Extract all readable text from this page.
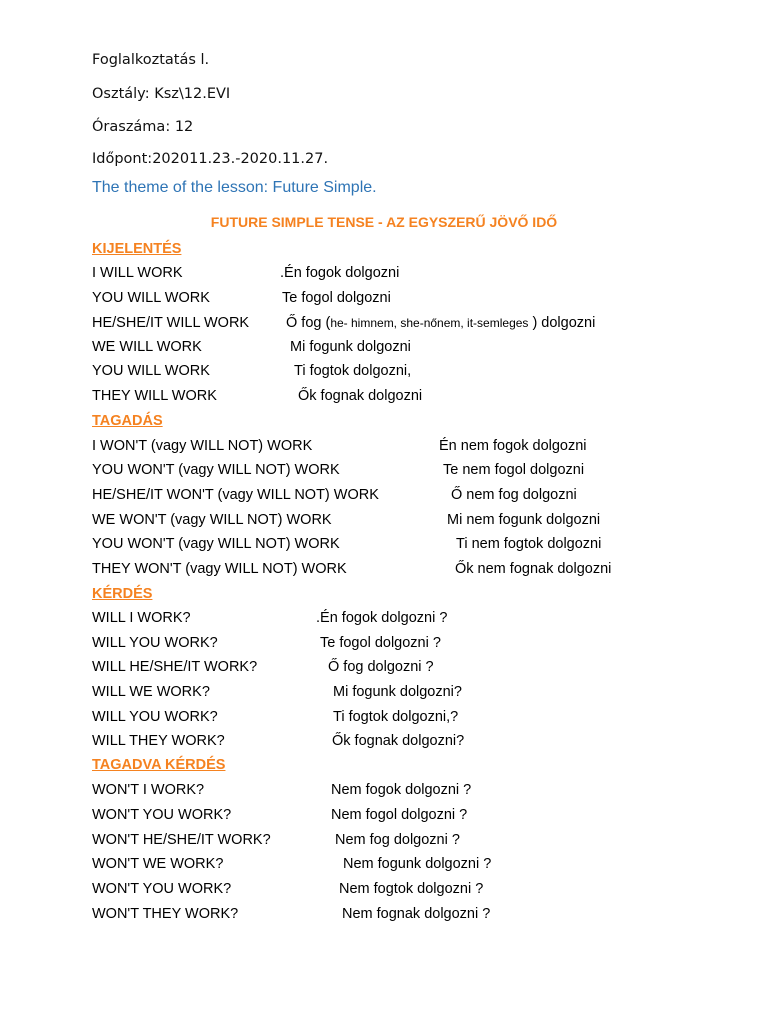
Foglalkoztatás l.
Osztály: Ksz\12.EVI
Óraszáma: 12
Időpont:202011.23.-2020.11.27.
The theme of the lesson: Future Simple.
FUTURE SIMPLE TENSE - AZ EGYSZERŰ JÖVŐ IDŐ
KIJELENTÉS
I WILL WORK	.Én fogok dolgozni
YOU WILL WORK	Te fogol dolgozni
HE/SHE/IT WILL WORK	Ő fog (he- himnem, she-nőnem, it-semleges ) dolgozni
WE WILL WORK	Mi fogunk dolgozni
YOU WILL WORK	Ti fogtok dolgozni,
THEY WILL WORK	Ők fognak dolgozni
TAGADÁS
I WON'T (vagy WILL NOT) WORK	Én nem fogok dolgozni
YOU WON'T (vagy WILL NOT) WORK	Te nem fogol dolgozni
HE/SHE/IT WON'T (vagy WILL NOT) WORK	Ő nem fog dolgozni
WE WON'T (vagy WILL NOT) WORK	Mi nem fogunk dolgozni
YOU WON'T (vagy WILL NOT) WORK	Ti nem fogtok dolgozni
THEY WON'T (vagy WILL NOT) WORK	Ők nem fognak dolgozni
KÉRDÉS
WILL I WORK?	.Én fogok dolgozni ?
WILL YOU WORK?	Te fogol dolgozni ?
WILL HE/SHE/IT WORK?	Ő fog dolgozni ?
WILL WE WORK?	Mi fogunk dolgozni?
WILL YOU WORK?	Ti fogtok dolgozni,?
WILL THEY WORK?	Ők fognak dolgozni?
TAGADVA KÉRDÉS
WON'T I WORK?	Nem fogok dolgozni ?
WON'T YOU WORK?	Nem fogol dolgozni ?
WON'T HE/SHE/IT WORK?	Nem fog dolgozni ?
WON'T WE WORK?	Nem fogunk dolgozni ?
WON'T YOU WORK?	Nem fogtok dolgozni ?
WON'T THEY WORK?	Nem fognak dolgozni ?
